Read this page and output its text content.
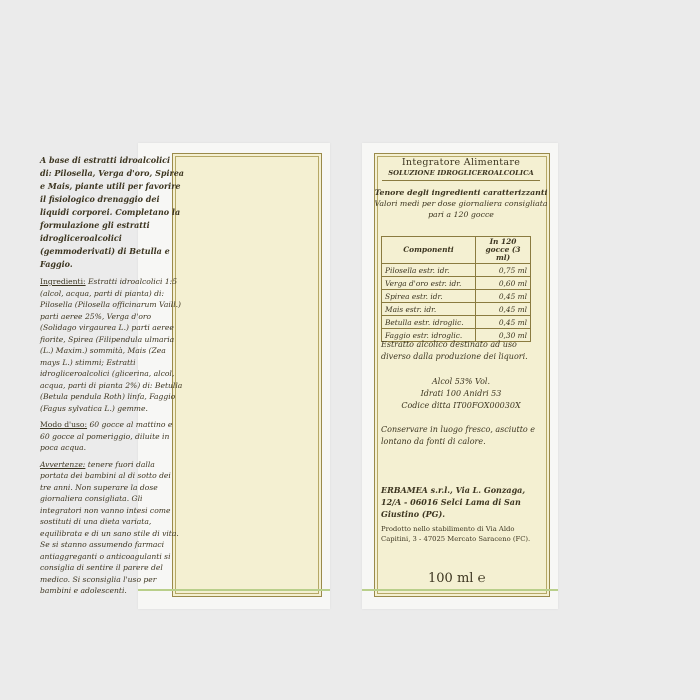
A base di estratti idroalcolici di: Pilosella, Verga d'oro, Spirea e Mais, piante utili per favorire il fisiologico drenaggio dei liquidi corporei. Completano la formulazione gli estratti idrogliceroalcolici (gemmoderivati) di Betulla e Faggio.

Ingredienti: Estratti idroalcolici 1:5 (alcol, acqua, parti di pianta) di: Pilosella (Pilosella officinarum Vaill.) parti aeree 25%, Verga d'oro (Solidago virgaurea L.) parti aeree fiorite, Spirea (Filipendula ulmaria (L.) Maxim.) sommità, Mais (Zea mays L.) stimmi; Estratti idrogliceroalcolici (glicerina, alcol, acqua, parti di pianta 2%) di: Betulla (Betula pendula Roth) linfa, Faggio (Fagus sylvatica L.) gemme.

Modo d'uso: 60 gocce al mattino e 60 gocce al pomeriggio, diluite in poca acqua.

Avvertenze: tenere fuori dalla portata dei bambini al di sotto dei tre anni. Non superare la dose giornaliera consigliata. Gli integratori non vanno intesi come sostituti di una dieta variata, equilibrata e di un sano stile di vita. Se si stanno assumendo farmaci antiaggreganti o anticoagulanti si consiglia di sentire il parere del medico. Si sconsiglia l'uso per bambini e adolescenti.

Integratore Alimentare
SOLUZIONE IDROGLICEROALCOLICA
Tenore degli ingredienti caratterizzanti
Valori medi per dose giornaliera consigliata pari a 120 gocce
Componenti	In 120 gocce (3 ml)
Pilosella estr. idr.	0,75 ml
Verga d'oro estr. idr.	0,60 ml
Spirea estr. idr.	0,45 ml
Mais estr. idr.	0,45 ml
Betulla estr. idroglic.	0,45 ml
Faggio estr. idroglic.	0,30 ml
Estratto alcolico destinato ad uso diverso dalla produzione dei liquori.

Alcol 53% Vol.

Idrati 100 Anidri 53

Codice ditta IT00FOX00030X

Conservare in luogo fresco, asciutto e lontano da fonti di calore.
ERBAMEA s.r.l., Via L. Gonzaga, 12/A - 06016 Selci Lama di San Giustino (PG).
Prodotto nello stabilimento di Via Aldo Capitini, 3 - 47025 Mercato Saraceno (FC).
100 ml ℮
